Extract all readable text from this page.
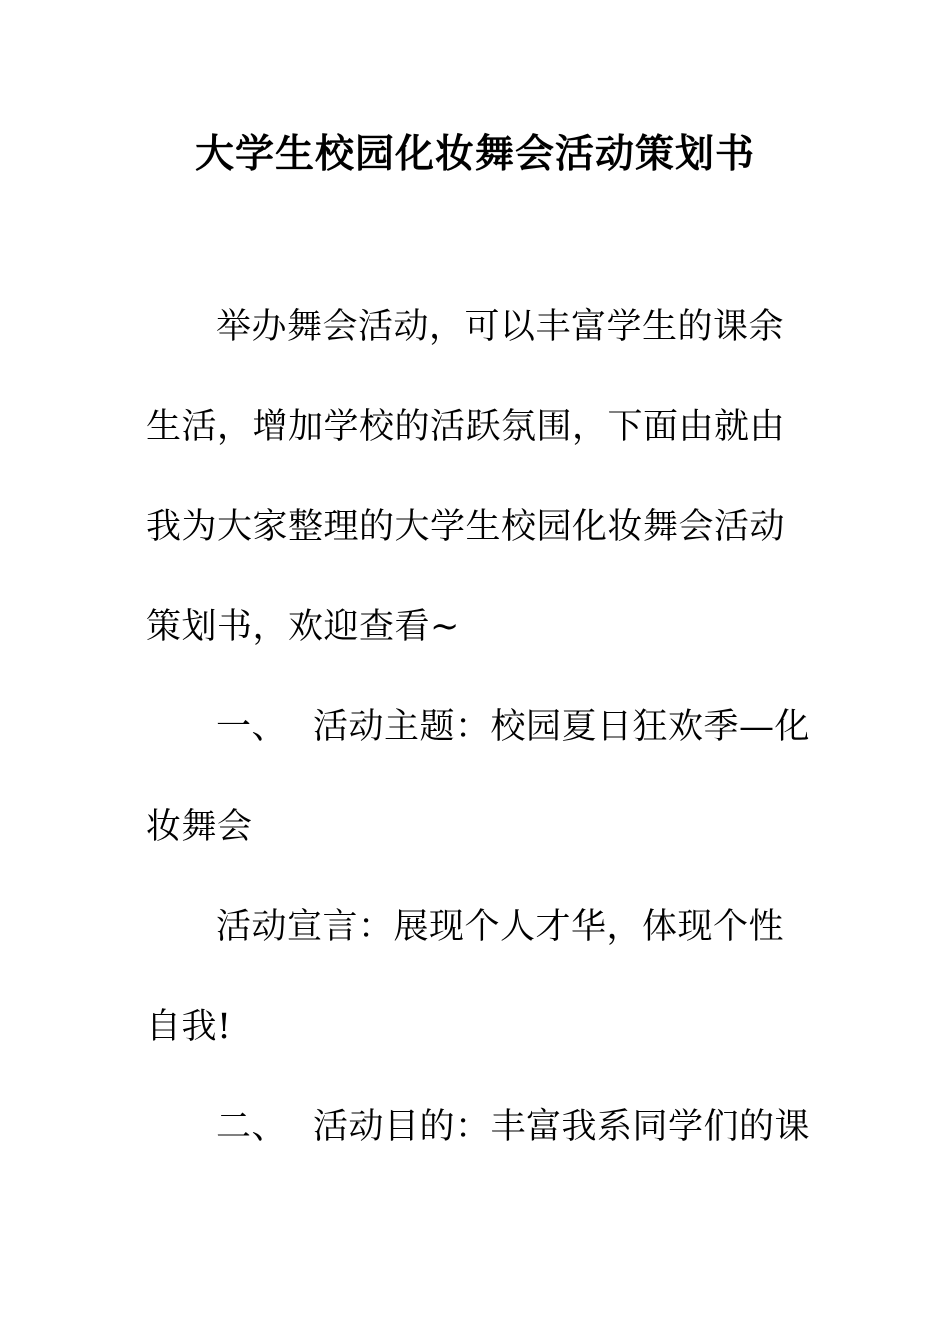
大学生校园化妆舞会活动策划书
举办舞会活动，可以丰富学生的课余
生活，增加学校的活跃氛围，下面由就由
我为大家整理的大学生校园化妆舞会活动
策划书，欢迎查看~
一、 活动主题：校园夏日狂欢季—化
妆舞会
活动宣言：展现个人才华，体现个性
自我!
二、 活动目的：丰富我系同学们的课
